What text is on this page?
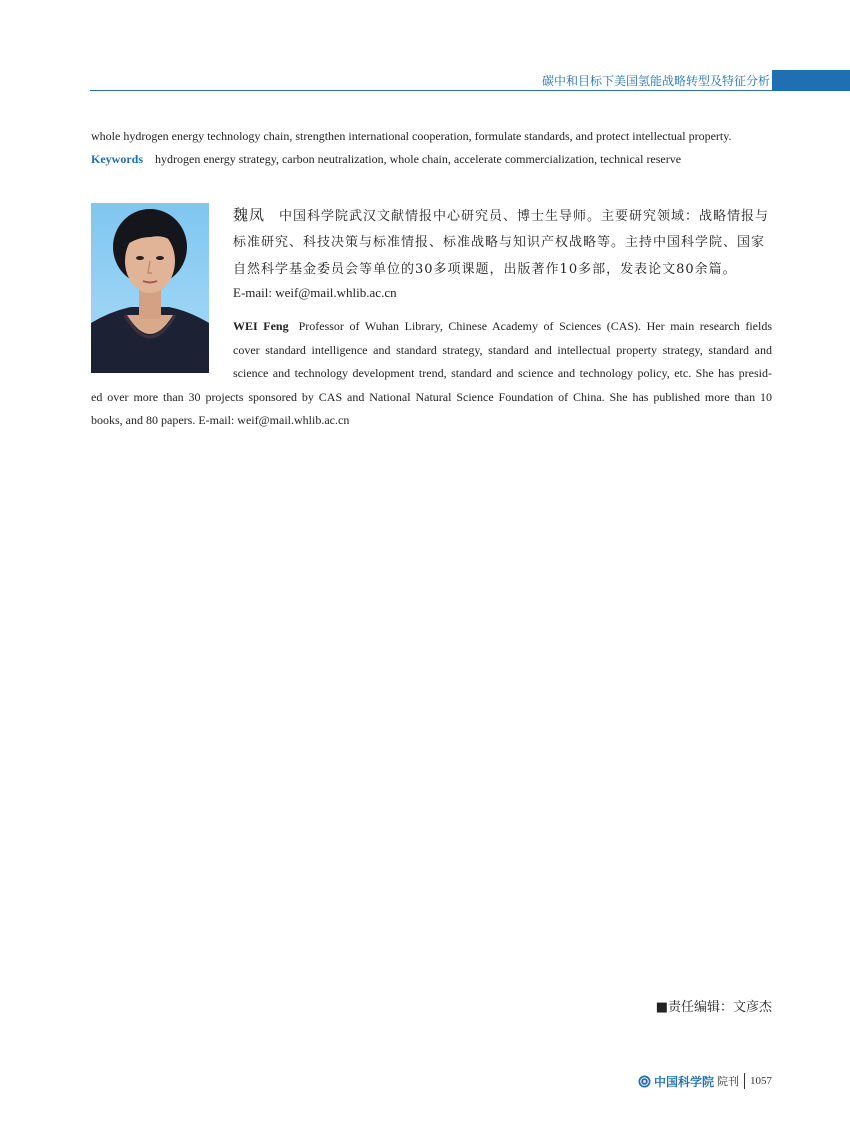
碳中和目标下美国氢能战略转型及特征分析
whole hydrogen energy technology chain, strengthen international cooperation, formulate standards, and protect intellectual property.
Keywords hydrogen energy strategy, carbon neutralization, whole chain, accelerate commercialization, technical reserve
魏凤 中国科学院武汉文献情报中心研究员、博士生导师。主要研究领域：战略情报与
标准研究、科技决策与标准情报、标准战略与知识产权战略等。主持中国科学院、国家
自然科学基金委员会等单位的30多项课题，出版著作10多部，发表论文80余篇。
E-mail: weif@mail.whlib.ac.cn
WEI Feng Professor of Wuhan Library, Chinese Academy of Sciences (CAS). Her main research fields
cover standard intelligence and standard strategy, standard and intellectual property strategy, standard and
science and technology development trend, standard and science and technology policy, etc. She has presid-
ed over more than 30 projects sponsored by CAS and National Natural Science Foundation of China. She has published more than 10
books, and 80 papers. E-mail: weif@mail.whlib.ac.cn
■责任编辑：文彦杰
中国科学院 院刊 1057
